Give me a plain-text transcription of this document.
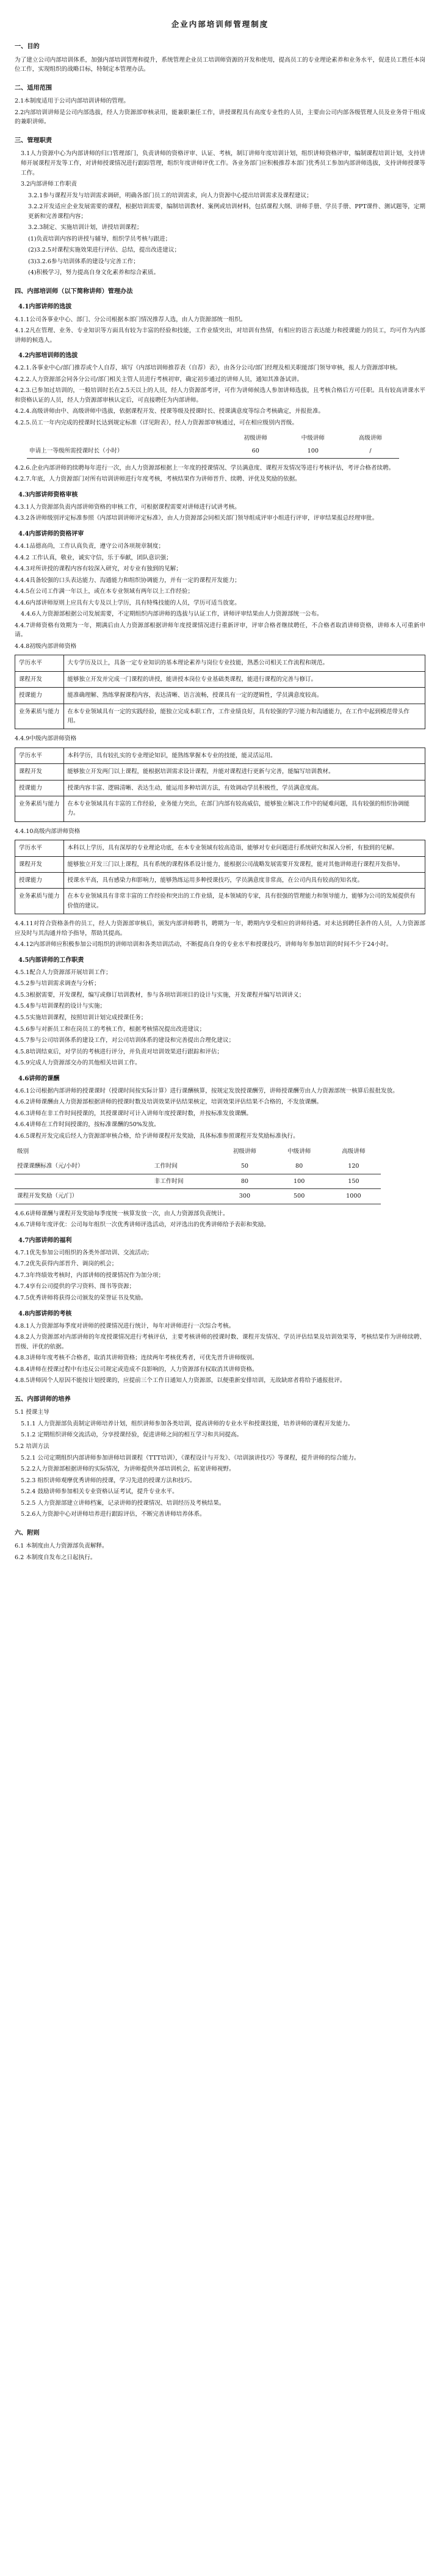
企业内部培训师管理制度
一、目的
为了建立公司内部培训体系，加强内部培训管理和提升，系统管理企业员工培训师资源的开发和使用，提高员工的专业理论素养和业务水平，促进员工胜任本岗位工作，实现组织的战略目标，特制定本管理办法。
二、适用范围
2.1本制度适用于公司内部培训讲师的管理。
2.2内部培训讲师是公司内部选拔，经人力资源部审核录用，能兼职兼任工作，讲授课程具有高度专业性的人员，主要由公司内部各级管理人员及业务骨干组成的兼职讲师。
三、管理职责
3.1人力资源中心为内部讲师的归口管理部门，负责讲师的资格评审、认证、考核，制订讲师年度培训计划，组织讲师资格评审，编制课程培训计划，支持讲师开展课程开发等工作，对讲师授课情况进行跟踪管理，组织年度讲师评优工作。各业务部门应积极推荐本部门优秀员工参加内部讲师选拔，支持讲师授课等工作。
3.2内部讲师工作职责
3.2.1参与课程开发与培训需求调研，明确各部门员工的培训需求，向人力资源中心提出培训需求及课程建议；
3.2.2开发适应企业发展需要的课程，根据培训需要，编制培训教材、案例或培训材料，包括课程大纲、讲师手册、学员手册、PPT课件、测试题等，定期更新和完善课程内容；
3.2.3制定、实施培训计划，讲授培训课程；
(1)负责培训内容的讲授与辅导，组织学员考核与跟进；
(2)3.2.5对课程实施效果进行评估、总结，提出改进建议；
(3)3.2.6参与培训体系的建设与完善工作；
(4)积极学习，努力提高自身文化素养和综合素质。
四、内部培训师（以下简称讲师）管理办法
4.1内部讲师的选拔
4.1.1公司各事业中心、部门、分公司根据本部门情况推荐人选，由人力资源部统一组织。
4.1.2凡在管理、业务、专业知识等方面具有较为丰富的经验和技能，工作业绩突出，对培训有热情，有相应的语言表达能力和授课能力的员工，均可作为内部讲师的候选人。
4.2内部培训师的选拔
4.2.1.各事业中心/部门推荐或个人自荐，填写《内部培训师推荐表（自荐）表》，由各分公司/部门经理及相关职能部门领导审核，报人力资源部审核。
4.2.2.人力资源部会同各分公司/部门相关主管人员进行考核初审，确定初步通过的讲师人员，通知其准备试讲。
4.2.3.已参加过培训的，一般培训时长在2.5天以上的人员，经人力资源部考评，可作为讲师候选人参加讲师选拔，且考核合格后方可任职。具有较高讲课水平和资格认证的人员，经人力资源部审核认定后，可直接聘任为内部讲师。
4.2.4.高级讲师由中、高级讲师中选拔，依据课程开发、授课等级及授课时长、授课满意度等综合考核确定，并报批准。
4.2.5.员工一年内完成的授课时长达到规定标准（详见附表），经人力资源部审核通过，可在相应级别内晋级。
	初级讲师	中级讲师	高级讲师
申请上一等级所需授课时长（小时）	60	100	/
4.2.6.企业内部讲师的续聘每年进行一次，由人力资源部根据上一年度的授课情况、学员满意度、课程开发情况等进行考核评估，考评合格者续聘。
4.2.7.年底，人力资源部门对所有培训讲师进行年度考核，考核结果作为讲师晋升、续聘、评优及奖励的依据。
4.3内部讲师资格审核
4.3.1人力资源部负责内部讲师资格的审核工作，可根据课程需要对讲师进行试讲考核。
4.3.2各讲师级别评定标准参照《内部培训讲师评定标准》，由人力资源部会同相关部门领导组成评审小组进行评审，评审结果报总经理审批。
4.4内部讲师的资格评审
4.4.1品德高尚，工作认真负责，遵守公司各项规章制度；
4.4.2 工作认真，敬业，诚实守信，乐于奉献，团队意识强；
4.4.3对所讲授的课程内容有较深入研究，对专业有独到的见解；
4.4.4具备较强的口头表达能力、沟通能力和组织协调能力，并有一定的课程开发能力；
4.4.5在公司工作满一年以上，或在本专业领域有两年以上工作经验；
4.4.6内部讲师原则上应具有大专及以上学历，具有特殊技能的人员，学历可适当放宽。
4.4.6人力资源部根据公司发展需要，不定期组织内部讲师的选拔与认证工作，讲师评审结果由人力资源部统一公布。
4.4.7讲师资格有效期为一年，期满后由人力资源部根据讲师年度授课情况进行重新评审，评审合格者继续聘任，不合格者取消讲师资格，讲师本人可重新申请。
4.4.8初级内部讲师资格
学历水平	大专学历及以上，具备一定专业知识的基本理论素养与岗位专业技能，熟悉公司相关工作流程和规范。
课程开发	能够独立开发并完成一门课程的讲授，能讲授本岗位专业基础类课程，能进行课程的完善与修订。
授课能力	能准确理解、熟练掌握课程内容，表达清晰、语言流畅，授课具有一定的逻辑性，学员满意度较高。
业务素质与能力	在本专业领域具有一定的实践经验，能独立完成本职工作，工作业绩良好，具有较强的学习能力和沟通能力，在工作中起到模范带头作用。
4.4.9中级内部讲师资格
学历水平	本科学历，具有较扎实的专业理论知识，能熟练掌握本专业的技能，能灵活运用。
课程开发	能够独立开发两门以上课程，能根据培训需求设计课程，并能对课程进行更新与完善，能编写培训教材。
授课能力	授课内容丰富、逻辑清晰、表达生动，能运用多种培训方法，有效调动学员积极性，学员满意度高。
业务素质与能力	在本专业领域具有丰富的工作经验，业务能力突出，在部门内部有较高威信，能够独立解决工作中的疑难问题，具有较强的组织协调能力。
4.4.10高级内部讲师资格
学历水平	本科以上学历，具有深厚的专业理论功底，在本专业领域有较高造诣，能够对专业问题进行系统研究和深入分析，有独到的见解。
课程开发	能够独立开发三门以上课程，具有系统的课程体系设计能力，能根据公司战略发展需要开发课程，能对其他讲师进行课程开发指导。
授课能力	授课水平高，具有感染力和影响力，能够熟练运用多种授课技巧，学员满意度非常高，在公司内具有较高的知名度。
业务素质与能力	在本专业领域具有非常丰富的工作经验和突出的工作业绩，是本领域的专家，具有很强的管理能力和领导能力，能够为公司的发展提供有价值的建议。
4.4.11对符合资格条件的员工，经人力资源部审核后，颁发内部讲师聘书，聘期为一年，聘期内享受相应的讲师待遇。对未达到聘任条件的人员，人力资源部应及时与其沟通并给予指导，帮助其提高。
4.4.12内部讲师应积极参加公司组织的讲师培训和各类培训活动，不断提高自身的专业水平和授课技巧，讲师每年参加培训的时间不少于24小时。
4.5内部讲师的工作职责
4.5.1配合人力资源部开展培训工作；
4.5.2参与培训需求调查与分析；
4.5.3根据需要，开发课程，编写或修订培训教材，参与各项培训项目的设计与实施，开发课程并编写培训讲义；
4.5.4参与培训课程的设计与实施；
4.5.5实施培训课程，按照培训计划完成授课任务；
4.5.6参与对新员工和在岗员工的考核工作，根据考核情况提出改进建议；
4.5.7参与公司培训体系的建设工作，对公司培训体系的建设和完善提出合理化建议；
4.5.8培训结束后，对学员的考核进行评分，并负责对培训效果进行跟踪和评估；
4.5.9完成人力资源部交办的其他相关培训工作。
4.6讲师的课酬
4.6.1公司根据内部讲师的授课课时（授课时间按实际计算）进行课酬核算，按规定发放授课酬劳，讲师授课酬劳由人力资源部统一核算后报批发放。
4.6.2讲师课酬由人力资源部根据讲师的授课时数及培训效果评估结果核定，培训效果评估结果不合格的，不发放课酬。
4.6.3讲师在非工作时间授课的，其授课课时可计入讲师年度授课时数，并按标准发放课酬。
4.6.4讲师在工作时间授课的，按标准课酬的50%发放。
4.6.5课程开发完成后经人力资源部审核合格，给予讲师课程开发奖励，具体标准参照课程开发奖励标准执行。
级别		初级讲师	中级讲师	高级讲师
授课课酬标准（元/小时）	工作时间	50	80	120
	非工作时间	80	100	150
课程开发奖励（元/门）		300	500	1000
4.6.6讲师课酬与课程开发奖励每季度统一核算发放一次，由人力资源部负责统计。
4.6.7讲师年度评优：公司每年组织一次优秀讲师评选活动，对评选出的优秀讲师给予表彰和奖励。
4.7内部讲师的福利
4.7.1优先参加公司组织的各类外部培训、交流活动；
4.7.2优先获得内部晋升、调岗的机会；
4.7.3年终绩效考核时，内部讲师的授课情况作为加分项；
4.7.4享有公司提供的学习资料、图书等资源；
4.7.5优秀讲师将获得公司颁发的荣誉证书及奖励。
4.8内部讲师的考核
4.8.1人力资源部每季度对讲师的授课情况进行统计，每年对讲师进行一次综合考核。
4.8.2人力资源部对内部讲师的年度授课情况进行考核评估，主要考核讲师的授课时数、课程开发情况、学员评估结果及培训效果等，考核结果作为讲师续聘、晋级、评优的依据。
4.8.3讲师年度考核不合格者，取消其讲师资格；连续两年考核优秀者，可优先晋升讲师级别。
4.8.4讲师在授课过程中有违反公司规定或造成不良影响的，人力资源部有权取消其讲师资格。
4.8.5讲师因个人原因不能按计划授课的，应提前三个工作日通知人力资源部，以便重新安排培训，无故缺席者将给予通报批评。
五、内部讲师的培养
5.1 授课主导
5.1.1 人力资源部负责制定讲师培养计划，组织讲师参加各类培训，提高讲师的专业水平和授课技能，培养讲师的课程开发能力。
5.1.2 定期组织讲师交流活动，分享授课经验，促进讲师之间的相互学习和共同提高。
5.2 培训方法
5.2.1 公司定期组织内部讲师参加讲师培训课程（TTT培训），《课程设计与开发》、《培训演讲技巧》等课程，提升讲师的综合能力。
5.2.2人力资源部根据讲师的实际情况，为讲师提供外部培训机会，拓宽讲师视野。
5.2.3 组织讲师观摩优秀讲师的授课，学习先进的授课方法和技巧。
5.2.4 鼓励讲师参加相关专业资格认证考试，提升专业水平。
5.2.5 人力资源部建立讲师档案，记录讲师的授课情况、培训经历及考核结果。
5.2.6人力资源中心对讲师培养进行跟踪评估，不断完善讲师培养体系。
六、附则
6.1 本制度由人力资源部负责解释。
6.2 本制度自发布之日起执行。
